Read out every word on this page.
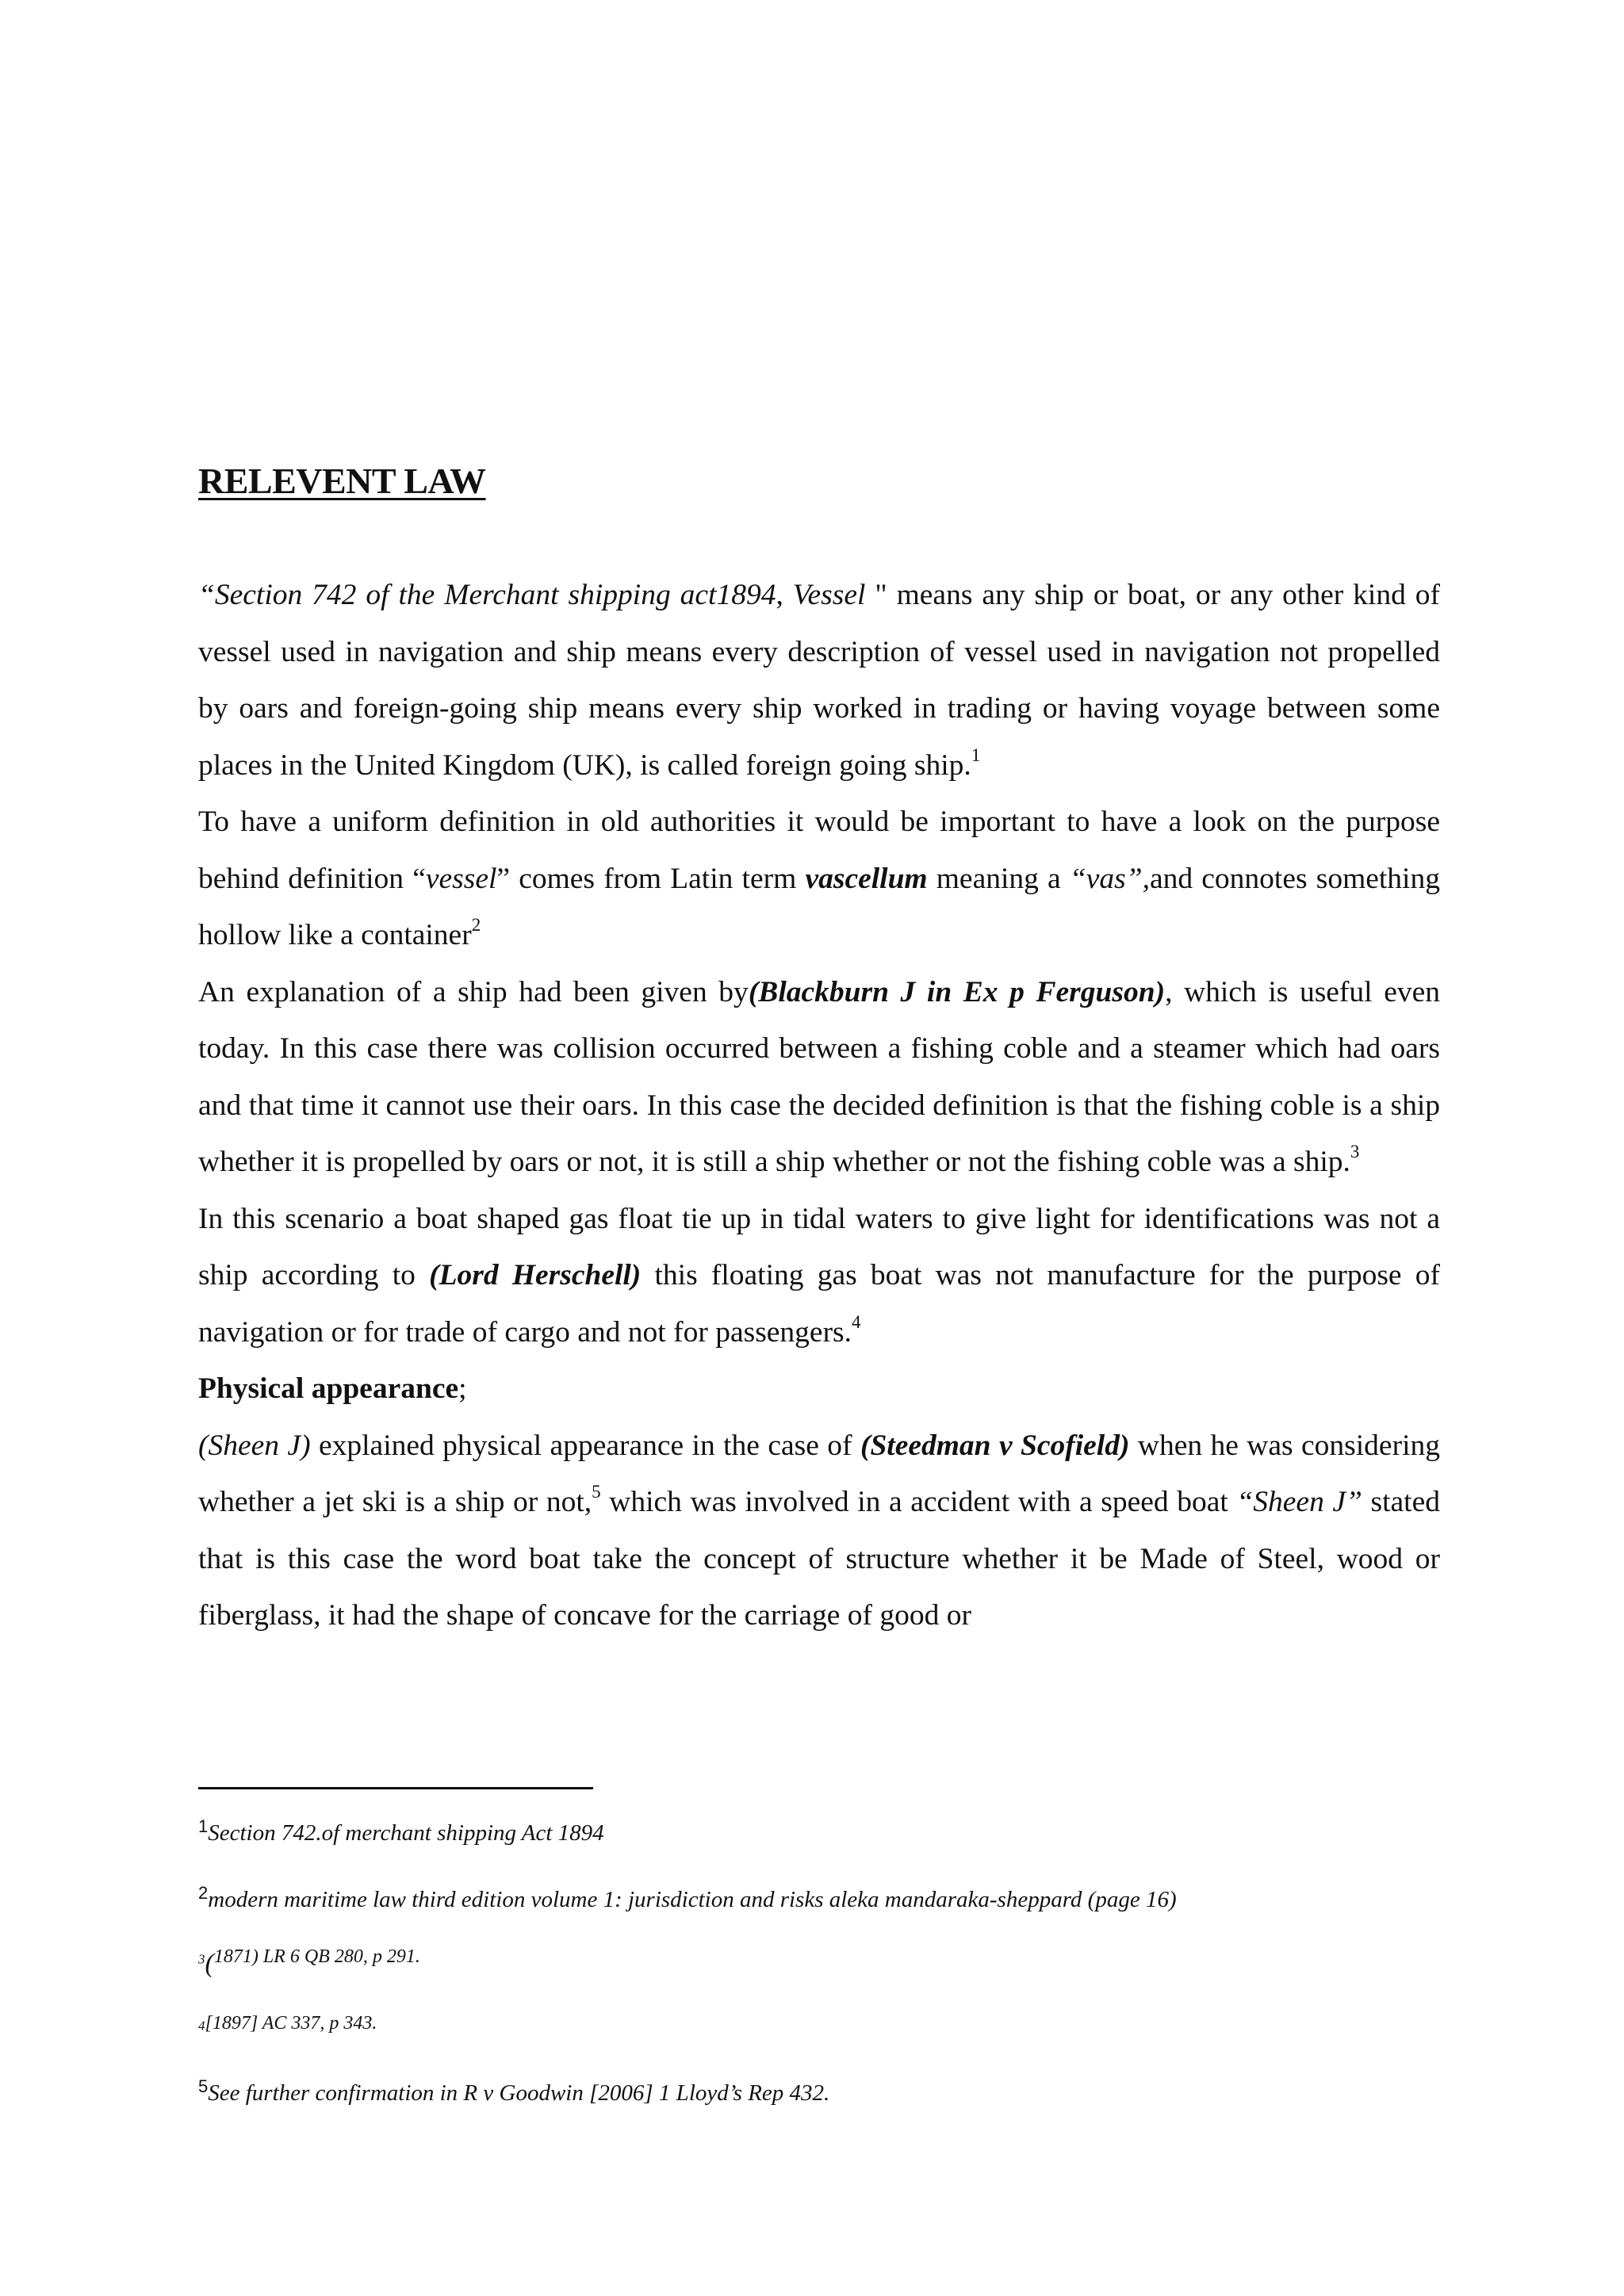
RELEVENT LAW

“Section 742 of the Merchant shipping act1894, Vessel " means any ship or boat, or any other kind of vessel used in navigation and ship means every description of vessel used in navigation not propelled by oars and foreign-going ship means every ship worked in trading or having voyage between some places in the United Kingdom (UK), is called foreign going ship.$^1$

To have a uniform definition in old authorities it would be important to have a look on the purpose behind definition “vessel” comes from Latin term vascellum meaning a “vas”,and connotes something hollow like a container$^2$

An explanation of a ship had been given by(Blackburn J in Ex p Ferguson), which is useful even today. In this case there was collision occurred between a fishing coble and a steamer which had oars and that time it cannot use their oars. In this case the decided definition is that the fishing coble is a ship whether it is propelled by oars or not, it is still a ship whether or not the fishing coble was a ship.$^3$

In this scenario a boat shaped gas float tie up in tidal waters to give light for identifications was not a ship according to (Lord Herschell) this floating gas boat was not manufacture for the purpose of navigation or for trade of cargo and not for passengers.$^4$

Physical appearance;

(Sheen J) explained physical appearance in the case of (Steedman v Scofield) when he was considering whether a jet ski is a ship or not,$^5$ which was involved in a accident with a speed boat “Sheen J” stated that is this case the word boat take the concept of structure whether it be Made of Steel, wood or fiberglass, it had the shape of concave for the carriage of good or

$^1$Section 742.of merchant shipping Act 1894
$^2$modern maritime law third edition volume 1: jurisdiction and risks aleka mandaraka-sheppard (page 16)
3(1871) LR 6 QB 280, p 291.
4[1897] AC 337, p 343.
$^5$See further confirmation in R v Goodwin [2006] 1 Lloyd’s Rep 432.
